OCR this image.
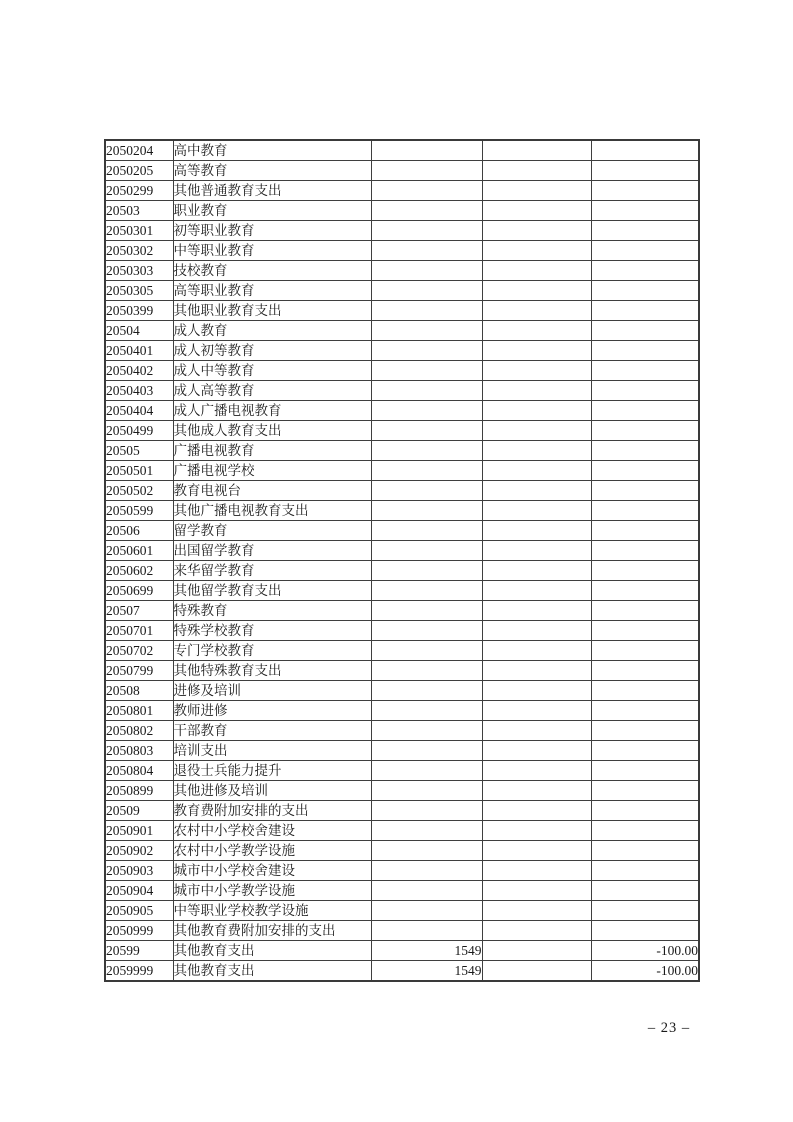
2050204	高中教育			
2050205	高等教育			
2050299	其他普通教育支出			
20503	职业教育			
2050301	初等职业教育			
2050302	中等职业教育			
2050303	技校教育			
2050305	高等职业教育			
2050399	其他职业教育支出			
20504	成人教育			
2050401	成人初等教育			
2050402	成人中等教育			
2050403	成人高等教育			
2050404	成人广播电视教育			
2050499	其他成人教育支出			
20505	广播电视教育			
2050501	广播电视学校			
2050502	教育电视台			
2050599	其他广播电视教育支出			
20506	留学教育			
2050601	出国留学教育			
2050602	来华留学教育			
2050699	其他留学教育支出			
20507	特殊教育			
2050701	特殊学校教育			
2050702	专门学校教育			
2050799	其他特殊教育支出			
20508	进修及培训			
2050801	教师进修			
2050802	干部教育			
2050803	培训支出			
2050804	退役士兵能力提升			
2050899	其他进修及培训			
20509	教育费附加安排的支出			
2050901	农村中小学校舍建设			
2050902	农村中小学教学设施			
2050903	城市中小学校舍建设			
2050904	城市中小学教学设施			
2050905	中等职业学校教学设施			
2050999	其他教育费附加安排的支出			
20599	其他教育支出	1549		-100.00
2059999	其他教育支出	1549		-100.00
– 23 –
